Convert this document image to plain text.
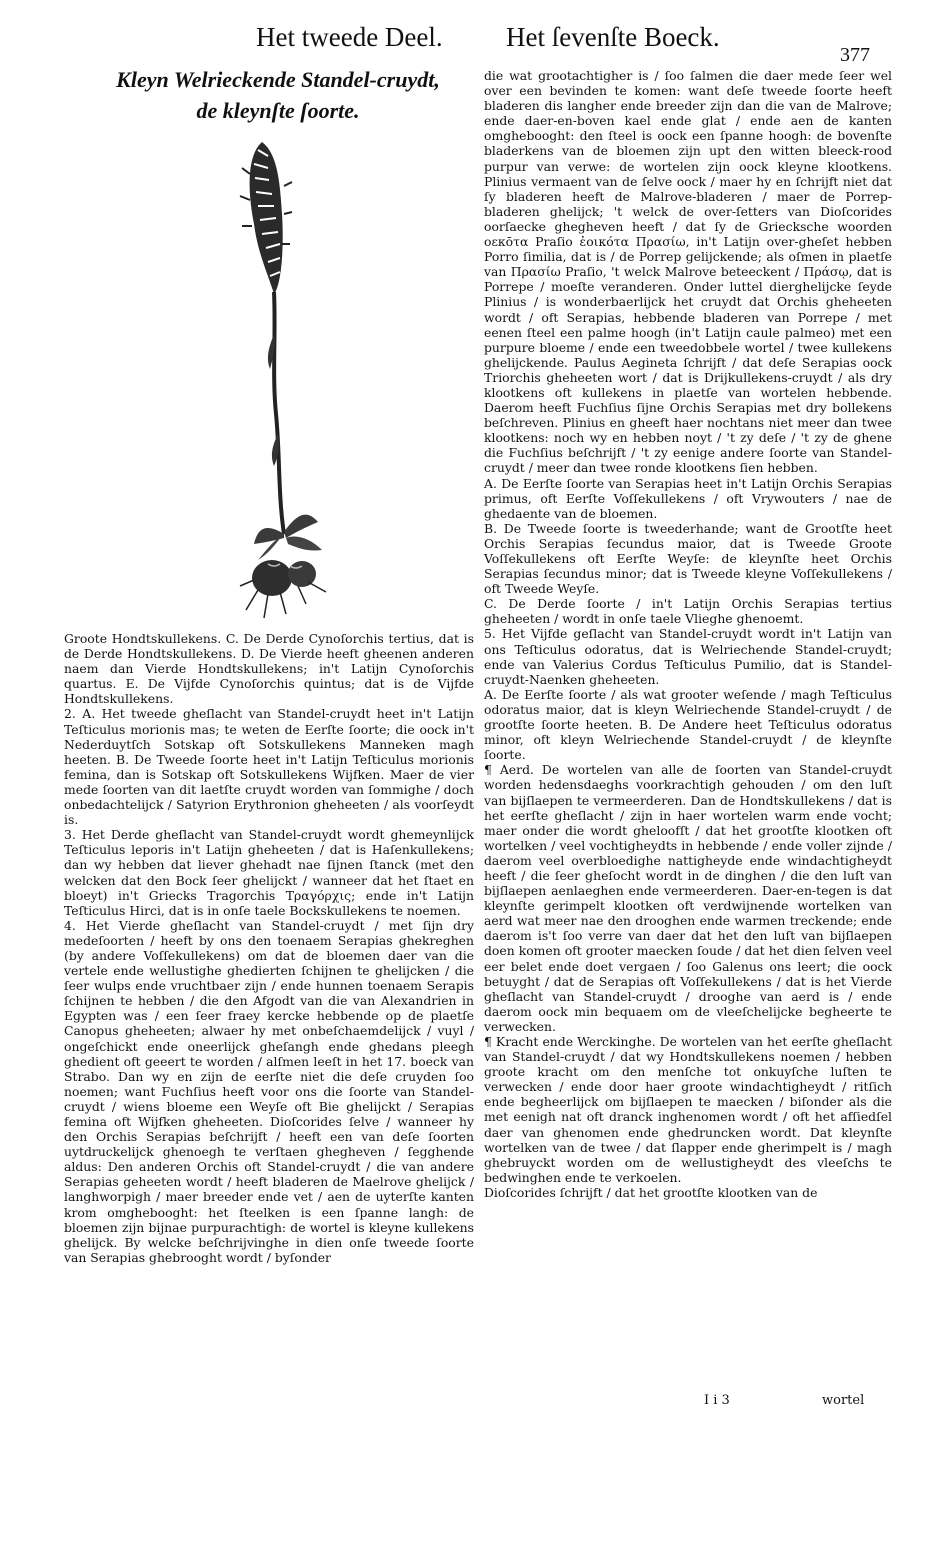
Het tweede Deel. Het ſevenſte Boeck.
377
Kleyn Welrieckende Standel-cruydt,
de kleynſte ſoorte.

die wat grootachtigher is / ſoo ſalmen die daer mede ſeer wel over een bevinden te komen: want deſe tweede ſoorte heeft bladeren dis langher ende breeder zijn dan die van de Malrove; ende daer-en-boven kael ende glat / ende aen de kanten omghebooght: den ſteel is oock een ſpanne hoogh: de bovenſte bladerkens van de bloemen zijn upt den witten bleeck-rood purpur van verwe: de wortelen zijn oock kleyne klootkens. Plinius vermaent van de ſelve oock / maer hy en ſchrijft niet dat ſy bladeren heeft de Malrove-bladeren / maer de Porrep-bladeren ghelijck; 't welck de over-ſetters van Dioſcorides oorſaecke ghegheven heeft / dat ſy de Griecksche woorden οεκōτα Praſio ἐοικότα Πρασίω, in't Latijn over-gheſet hebben Porro ſimilia, dat is / de Porrep gelijckende; als oſmen in plaetſe van Πρασίω Praſio, 't welck Malrove beteeckent / Πράσῳ, dat is Porrepe / moeſte veranderen. Onder luttel dierghelijcke ſeyde Plinius / is wonderbaerlijck het cruydt dat Orchis gheheeten wordt / oft Serapias, hebbende bladeren van Porrepe / met eenen ſteel een palme hoogh (in't Latijn caule palmeo) met een purpure bloeme / ende een tweedobbele wortel / twee kullekens ghelijckende. Paulus Aegineta ſchrijft / dat deſe Serapias oock Triorchis gheheeten wort / dat is Drijkullekens-cruydt / als dry klootkens oft kullekens in plaetſe van wortelen hebbende. Daerom heeft Fuchſius ſijne Orchis Serapias met dry bollekens beſchreven. Plinius en gheeft haer nochtans niet meer dan twee klootkens: noch wy en hebben noyt / 't zy deſe / 't zy de ghene die Fuchſius beſchrijft / 't zy eenige andere ſoorte van Standel-cruydt / meer dan twee ronde klootkens ſien hebben.

A. De Eerſte ſoorte van Serapias heet in't Latijn Orchis Serapias primus, oft Eerſte Voſſekullekens / oft Vrywouters / nae de ghedaente van de bloemen.

B. De Tweede ſoorte is tweederhande; want de Grootſte heet Orchis Serapias ſecundus maior, dat is Tweede Groote Voſſekullekens oft Eerſte Weyſe: de kleynſte heet Orchis Serapias ſecundus minor; dat is Tweede kleyne Voſſekullekens / oft Tweede Weyſe.

C. De Derde ſoorte / in't Latijn Orchis Serapias tertius gheheeten / wordt in onſe taele Vlieghe ghenoemt.

5. Het Vijfde geſlacht van Standel-cruydt wordt in't Latijn van ons Teſticulus odoratus, dat is Welriechende Standel-cruydt; ende van Valerius Cordus Teſticulus Pumilio, dat is Standel-cruydt-Naenken gheheeten.

A. De Eerſte ſoorte / als wat grooter weſende / magh Teſticulus odoratus maior, dat is kleyn Welriechende Standel-cruydt / de grootſte ſoorte heeten. B. De Andere heet Teſticulus odoratus minor, oft kleyn Welriechende Standel-cruydt / de kleynſte ſoorte.

¶ Aerd. De wortelen van alle de ſoorten van Standel-cruydt worden hedensdaeghs voorkrachtigh gehouden / om den luſt van bijſlaepen te vermeerderen. Dan de Hondtskullekens / dat is het eerſte gheſlacht / zijn in haer wortelen warm ende vocht; maer onder die wordt gheloofſt / dat het grootſte klootken oft wortelken / veel vochtigheydts in hebbende / ende voller zijnde / daerom veel overbloedighe nattigheyde ende windachtigheydt heeft / die ſeer gheſocht wordt in de dinghen / die den luſt van bijſlaepen aenlaeghen ende vermeerderen. Daer-en-tegen is dat kleynſte gerimpelt klootken oft verdwijnende wortelken van aerd wat meer nae den drooghen ende warmen treckende; ende daerom is't ſoo verre van daer dat het den luſt van bijſlaepen doen komen oft grooter maecken ſoude / dat het dien ſelven veel eer belet ende doet vergaen / ſoo Galenus ons leert; die oock betuyght / dat de Serapias oft Voſſekullekens / dat is het Vierde gheſlacht van Standel-cruydt / drooghe van aerd is / ende daerom oock min bequaem om de vleeſchelijcke begheerte te verwecken.

¶ Kracht ende Werckinghe. De wortelen van het eerſte gheſlacht van Standel-cruydt / dat wy Hondtskullekens noemen / hebben groote kracht om den menſche tot onkuyſche luſten te verwecken / ende door haer groote windachtigheydt / ritſich ende begheerlijck om bijſlaepen te maecken / biſonder als die met eenigh nat oft dranck inghenomen wordt / oft het afſiedſel daer van ghenomen ende ghedruncken wordt. Dat kleynſte wortelken van de twee / dat ſlapper ende gherimpelt is / magh ghebruyckt worden om de wellustigheydt des vleeſchs te bedwinghen ende te verkoelen.

Dioſcorides ſchrijft / dat het grootſte klootken van de

Groote Hondtskullekens. C. De Derde Cynoſorchis tertius, dat is de Derde Hondtskullekens. D. De Vierde heeft gheenen anderen naem dan Vierde Hondtskullekens; in't Latijn Cynoſorchis quartus. E. De Vijfde Cynoſorchis quintus; dat is de Vijfde Hondtskullekens.

2. A. Het tweede gheſlacht van Standel-cruydt heet in't Latijn Teſticulus morionis mas; te weten de Eerſte ſoorte; die oock in't Nederduytſch Sotskap oft Sotskullekens Manneken magh heeten. B. De Tweede ſoorte heet in't Latijn Teſticulus morionis femina, dan is Sotskap oft Sotskullekens Wijfken. Maer de vier mede ſoorten van dit laetſte cruydt worden van ſommighe / doch onbedachtelijck / Satyrion Erythronion gheheeten / als voorſeydt is.

3. Het Derde gheſlacht van Standel-cruydt wordt ghemeynlijck Teſticulus leporis in't Latijn gheheeten / dat is Haſenkullekens; dan wy hebben dat liever ghehadt nae ſijnen ſtanck (met den welcken dat den Bock ſeer ghelijckt / wanneer dat het ſtaet en bloeyt) in't Griecks Tragorchis Τραγόρχις; ende in't Latijn Teſticulus Hirci, dat is in onſe taele Bockskullekens te noemen.

4. Het Vierde gheſlacht van Standel-cruydt / met ſijn dry medeſoorten / heeft by ons den toenaem Serapias ghekreghen (by andere Voſſekullekens) om dat de bloemen daer van die vertele ende wellustighe ghedierten ſchijnen te ghelijcken / die ſeer wulps ende vruchtbaer zijn / ende hunnen toenaem Serapis ſchijnen te hebben / die den Afgodt van die van Alexandrien in Egypten was / een ſeer fraey kercke hebbende op de plaetſe Canopus gheheeten; alwaer hy met onbeſchaemdelijck / vuyl / ongeſchickt ende oneerlijck gheſangh ende ghedans pleegh ghedient oft geeert te worden / alſmen leeſt in het 17. boeck van Strabo. Dan wy en zijn de eerſte niet die deſe cruyden ſoo noemen; want Fuchſius heeft voor ons die ſoorte van Standel-cruydt / wiens bloeme een Weyſe oft Bie ghelijckt / Serapias femina oft Wijfken gheheeten. Dioſcorides ſelve / wanneer hy den Orchis Serapias beſchrijft / heeft een van deſe ſoorten uytdruckelijck ghenoegh te verſtaen ghegheven / ſegghende aldus: Den anderen Orchis oft Standel-cruydt / die van andere Serapias geheeten wordt / heeft bladeren de Maelrove ghelijck / langhworpigh / maer breeder ende vet / aen de uyterſte kanten krom omghebooght: het ſteelken is een ſpanne langh: de bloemen zijn bijnae purpurachtigh: de wortel is kleyne kullekens ghelijck. By welcke beſchrijvinghe in dien onſe tweede ſoorte van Serapias ghebrooght wordt / byſonder

I i 3	wortel
